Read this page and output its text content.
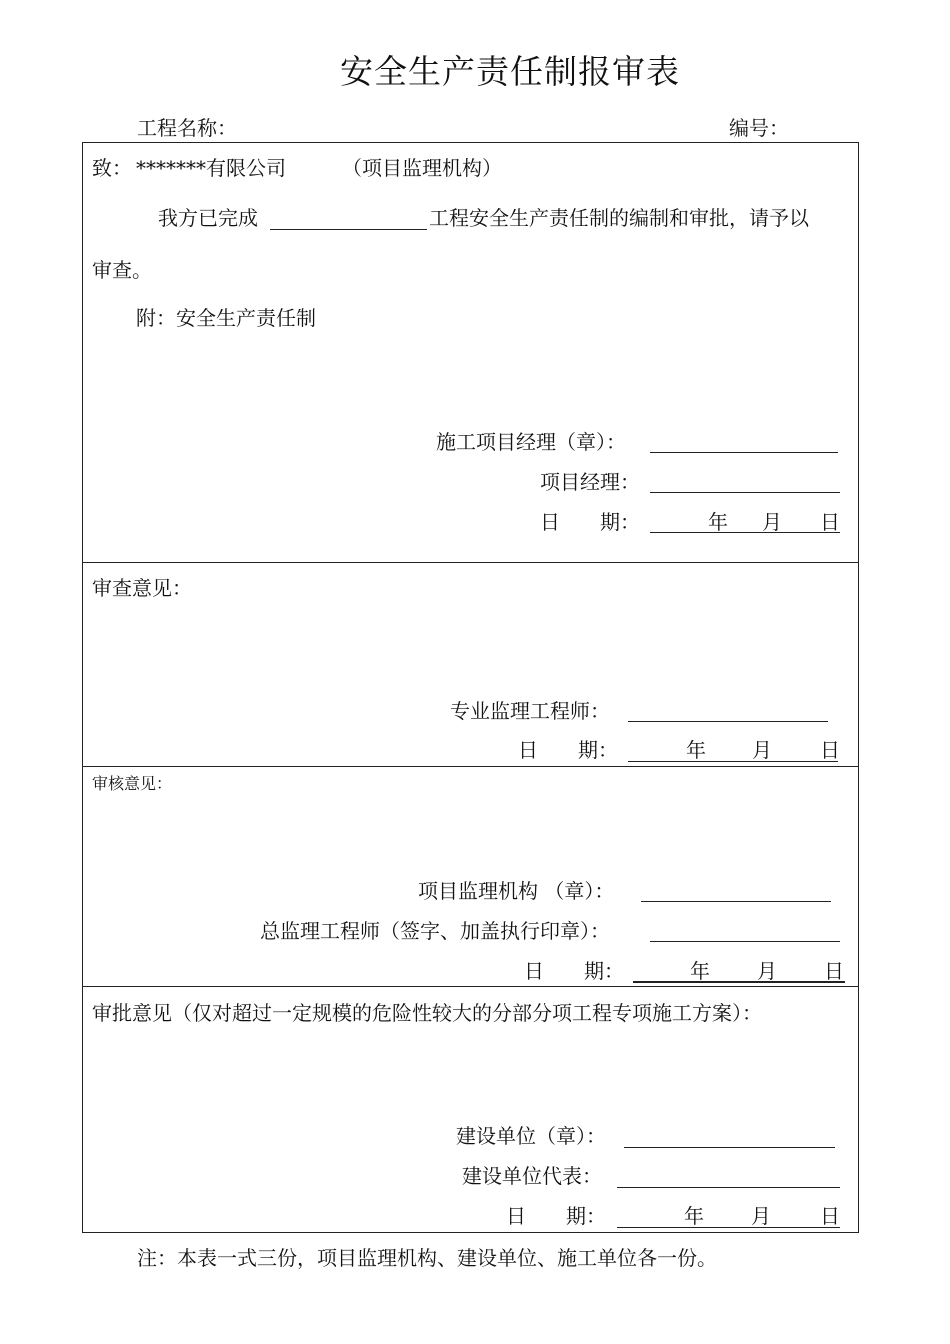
安全生产责任制报审表
工程名称：	编号：
致： *******有限公司	（项目监理机构）
我方已完成	工程安全生产责任制的编制和审批，请予以
审查。
附：安全生产责任制
施工项目经理（章）：
项目经理：
日　　期：	年 月 日
审查意见：
专业监理工程师：
日　　期：	年 月 日
审核意见：
项目监理机构 （章）：
总监理工程师（签字、加盖执行印章）：
日　　期：	年 月 日
审批意见（仅对超过一定规模的危险性较大的分部分项工程专项施工方案）：
建设单位（章）：
建设单位代表：
日　　期：	年 月 日
注：本表一式三份，项目监理机构、建设单位、施工单位各一份。
